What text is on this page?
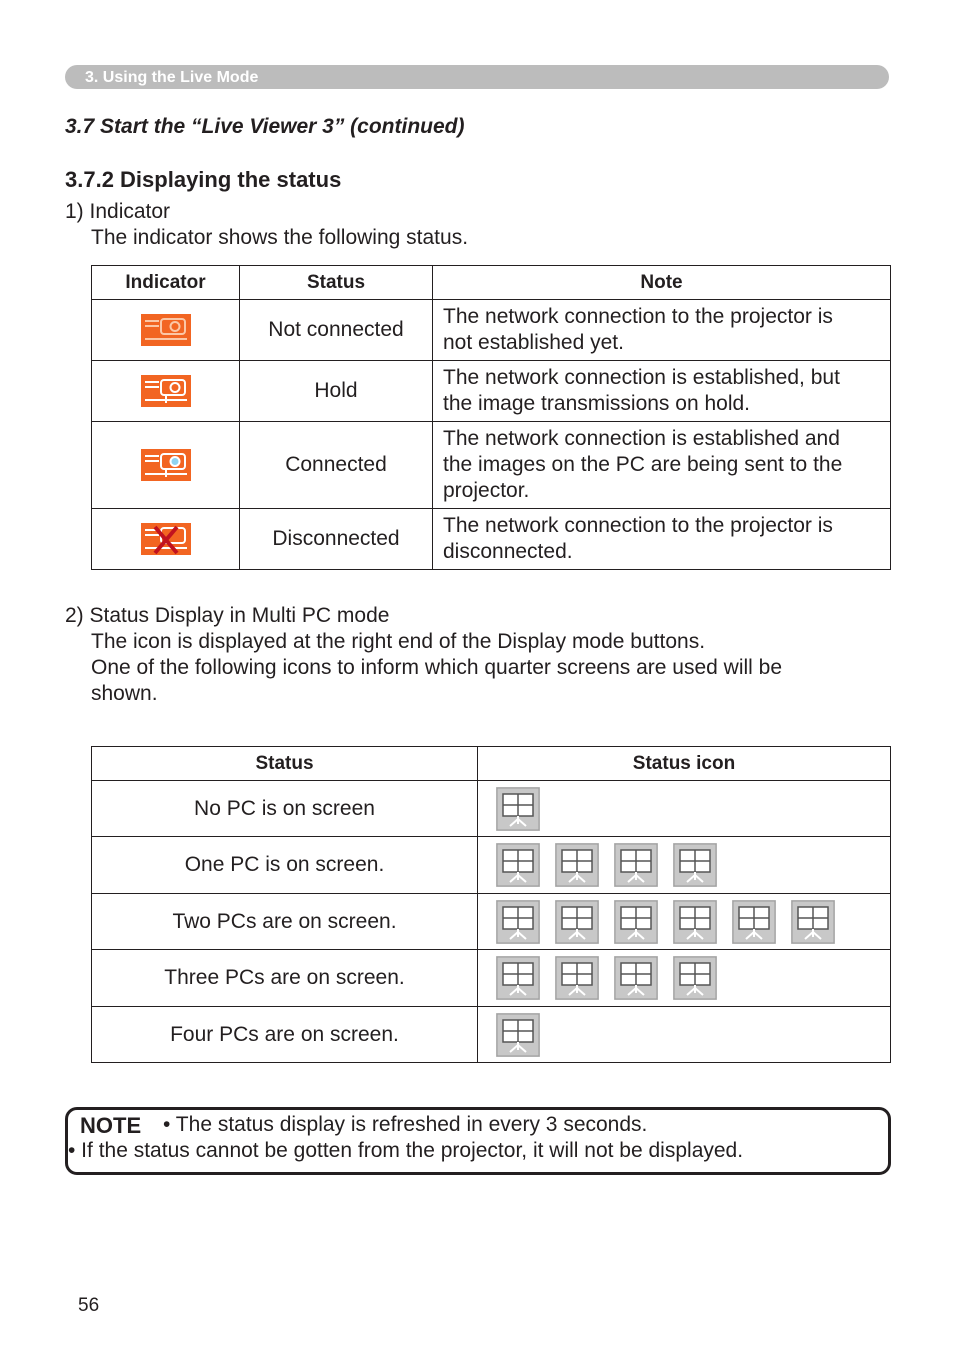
3. Using the Live Mode
3.7 Start the “Live Viewer 3” (continued)
3.7.2 Displaying the status
1) Indicator
The indicator shows the following status.
Indicator	Status	Note
	Not connected	The network connection to the projector is
not established yet.

	Hold	The network connection is established, but
the image transmissions on hold.

	Connected	The network connection is established and
the images on the PC are being sent to the
projector.

	Disconnected	The network connection to the projector is
disconnected.
2) Status Display in Multi PC mode
The icon is displayed at the right end of the Display mode buttons.
One of the following icons to inform which quarter screens are used will be
shown.
Status	Status icon
No PC is on screen	
One PC is on screen.	
Two PCs are on screen.	
Three PCs are on screen.	
Four PCs are on screen.	
NOTE • The status display is refreshed in every 3 seconds.
• If the status cannot be gotten from the projector, it will not be displayed.
56
